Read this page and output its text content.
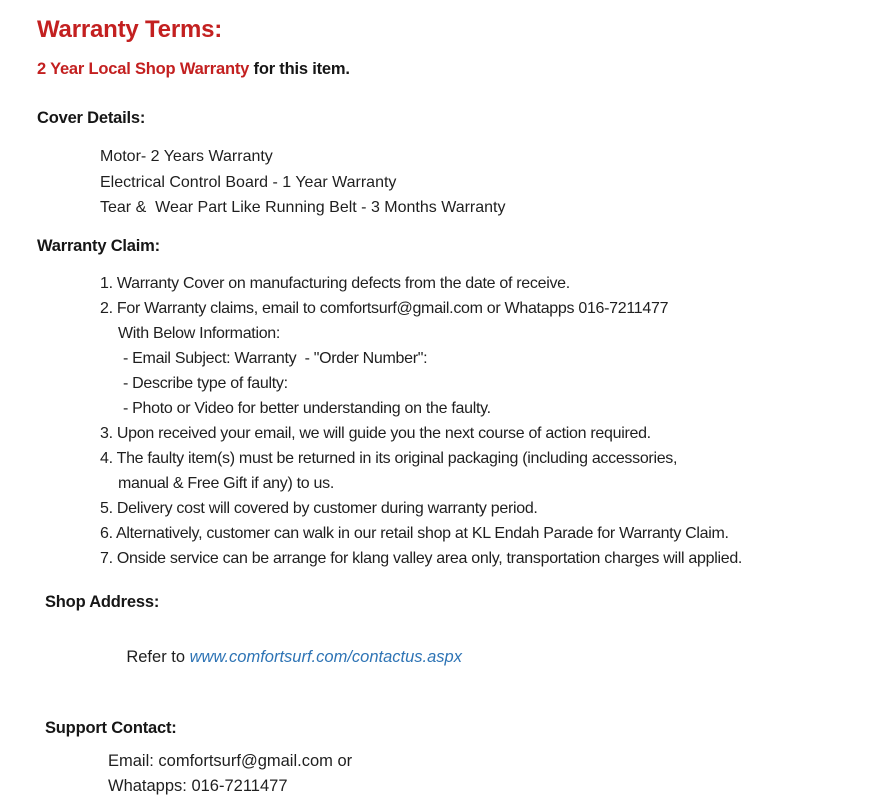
Warranty Terms:
2 Year Local Shop Warranty for this item.
Cover Details:
Motor- 2 Years Warranty
Electrical Control Board - 1 Year Warranty
Tear &  Wear Part Like Running Belt - 3 Months Warranty
Warranty Claim:
1. Warranty Cover on manufacturing defects from the date of receive.
2. For Warranty claims, email to comfortsurf@gmail.com or Whatapps 016-7211477
With Below Information:
- Email Subject: Warranty  - "Order Number":
- Describe type of faulty:
- Photo or Video for better understanding on the faulty.
3. Upon received your email, we will guide you the next course of action required.
4. The faulty item(s) must be returned in its original packaging (including accessories,
manual & Free Gift if any) to us.
5. Delivery cost will covered by customer during warranty period.
6. Alternatively, customer can walk in our retail shop at KL Endah Parade for Warranty Claim.
7. Onside service can be arrange for klang valley area only, transportation charges will applied.
Shop Address:

Refer to www.comfortsurf.com/contactus.aspx

Support Contact:
Email: comfortsurf@gmail.com or
Whatapps: 016-7211477
